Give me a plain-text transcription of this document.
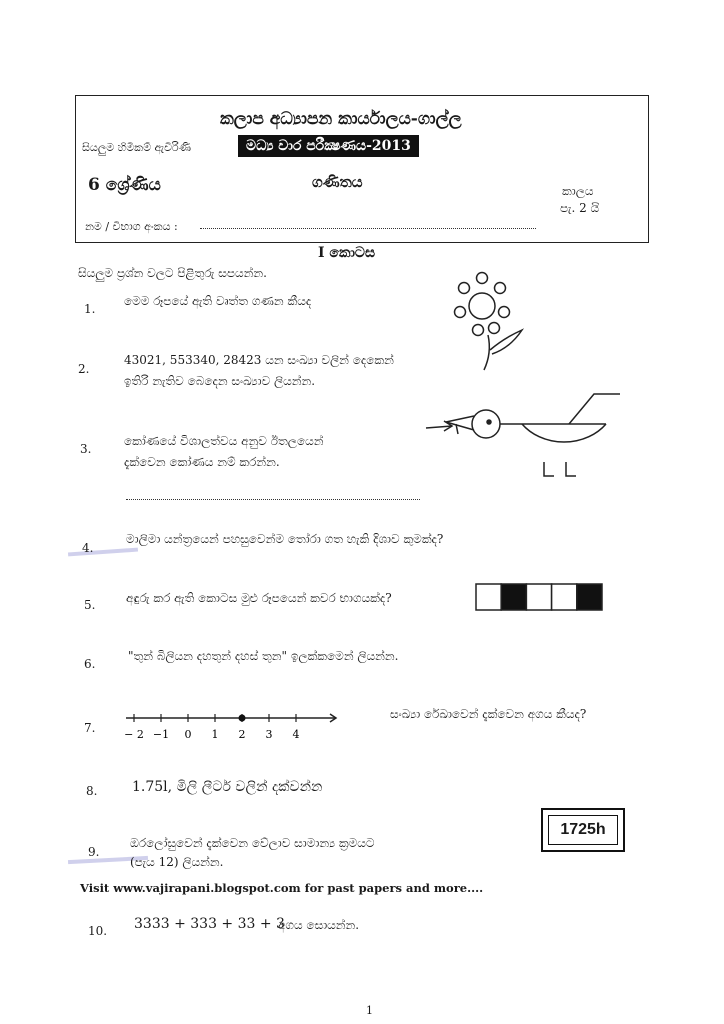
කලාප අධ්‍යාපන කාර්යාලය-ගාල්ල
සියලුම හිමිකම් ඇවිරිණි	මධ්‍ය වාර පරීක්‍ෂණය-2013
6 ශ්‍රේණිය	ගණිතය	කාලය
පැ. 2 යි
නම / විභාග අංකය :
I කොටස
සියලුම ප්‍රශ්න වලට පිළිතුරු සපයන්න.
1.
මෙම රූපයේ ඇති වෘත්ත ගණන කීයද
2.
43021, 553340, 28423 යන සංඛ්‍යා වලින් දෙකෙන්
ඉතිරි නැතිව බෙදෙන සංඛ්‍යාව ලියන්න.
3.
කෝණයේ විශාලත්වය අනුව ඊතලයෙන්
දැක්වෙන කෝණය නම් කරන්න.
4.
මාලිමා යන්ත්‍රයෙන් පහසුවෙන්ම තෝරා ගත හැකි දිශාව කුමක්ද?
5.	අඳුරු කර ඇති කොටස මුළු රූපයෙන් කවර භාගයක්ද?
6.
"තුන් බිලියන දහතුන් දහස් තුන" ඉලක්කමෙන් ලියන්න.
7.	− 2 −1 0 1 2 3 4
සංඛ්‍යා රේඛාවෙන් දැක්වෙන අගය කීයද?
8. 1.75l, මිලි ලීටර් වලින් දක්වන්න
9.
ඔරලෝසුවෙන් දැක්වෙන වේලාව සාමාන්‍ය ක්‍රමයට
(පැය 12) ලියන්න.
1725h
Visit www.vajirapani.blogspot.com for past papers and more....
10. 3333 + 333 + 33 + 3
අගය සොයන්න.
1
